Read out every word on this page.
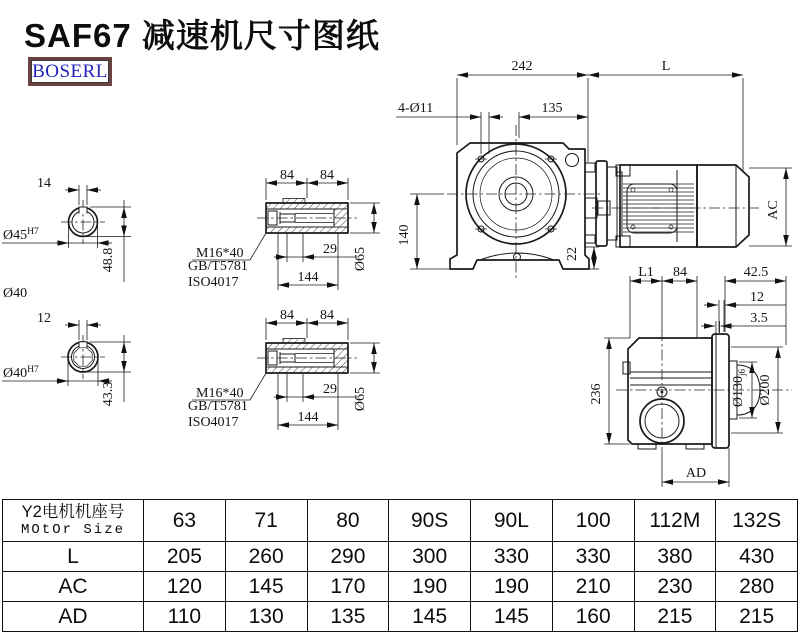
SAF67 减速机尺寸图纸
BOSERL	242	L
4-Ø11	135
140
22
AC
14
$Ø45^{H7}$
48.8
Ø40
12
$Ø40^{H7}$
43.3
84 84
29
144
Ø65
M16*40
GB/T5781
ISO4017
84 84
29
144
Ø65
M16*40
GB/T5781
ISO4017
L1 84	42.5
12
3.5
236	$Ø130_{j6}$
Ø200
AD
Y2电机机座号
MOtOr Size	63	71	80	90S	90L	100	112M	132S
L	205	260	290	300	330	330	380	430
AC	120	145	170	190	190	210	230	280
AD	110	130	135	145	145	160	215	215
